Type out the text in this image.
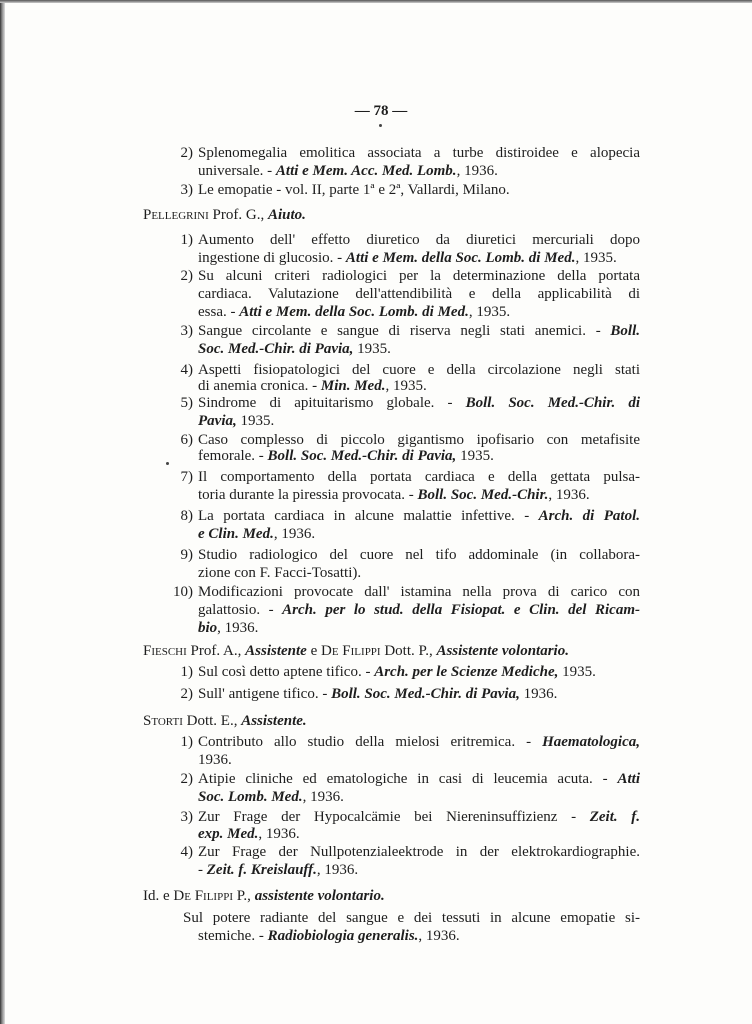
— 78 —
2) Splenomegalia emolitica associata a turbe distiroidee e alopecia
universale. - Atti e Mem. Acc. Med. Lomb., 1936.
3) Le emopatie - vol. II, parte 1ª e 2ª, Vallardi, Milano.
Pellegrini Prof. G., Aiuto.
1) Aumento dell' effetto diuretico da diuretici mercuriali dopo
ingestione di glucosio. - Atti e Mem. della Soc. Lomb. di Med., 1935.
2) Su alcuni criteri radiologici per la determinazione della portata
cardiaca. Valutazione dell'attendibilità e della applicabilità di
essa. - Atti e Mem. della Soc. Lomb. di Med., 1935.
3) Sangue circolante e sangue di riserva negli stati anemici. - Boll.
Soc. Med.-Chir. di Pavia, 1935.
4) Aspetti fisiopatologici del cuore e della circolazione negli stati
di anemia cronica. - Min. Med., 1935.
5) Sindrome di apituitarismo globale. - Boll. Soc. Med.-Chir. di
Pavia, 1935.
6) Caso complesso di piccolo gigantismo ipofisario con metafisite
femorale. - Boll. Soc. Med.-Chir. di Pavia, 1935.
7) Il comportamento della portata cardiaca e della gettata pulsa-
toria durante la piressia provocata. - Boll. Soc. Med.-Chir., 1936.
8) La portata cardiaca in alcune malattie infettive. - Arch. di Patol.
e Clin. Med., 1936.
9) Studio radiologico del cuore nel tifo addominale (in collabora-
zione con F. Facci-Tosatti).
10) Modificazioni provocate dall' istamina nella prova di carico con
galattosio. - Arch. per lo stud. della Fisiopat. e Clin. del Ricam-
bio, 1936.
Fieschi Prof. A., Assistente e De Filippi Dott. P., Assistente volontario.
1) Sul così detto aptene tifico. - Arch. per le Scienze Mediche, 1935.
2) Sull' antigene tifico. - Boll. Soc. Med.-Chir. di Pavia, 1936.
Storti Dott. E., Assistente.
1) Contributo allo studio della mielosi eritremica. - Haematologica,
1936.
2) Atipie cliniche ed ematologiche in casi di leucemia acuta. - Atti
Soc. Lomb. Med., 1936.
3) Zur Frage der Hypocalcämie bei Niereninsuffizienz - Zeit. f.
exp. Med., 1936.
4) Zur Frage der Nullpotenzialeektrode in der elektrokardiographie.
- Zeit. f. Kreislauff., 1936.
Id. e De Filippi P., assistente volontario.
Sul potere radiante del sangue e dei tessuti in alcune emopatie si-
stemiche. - Radiobiologia generalis., 1936.
